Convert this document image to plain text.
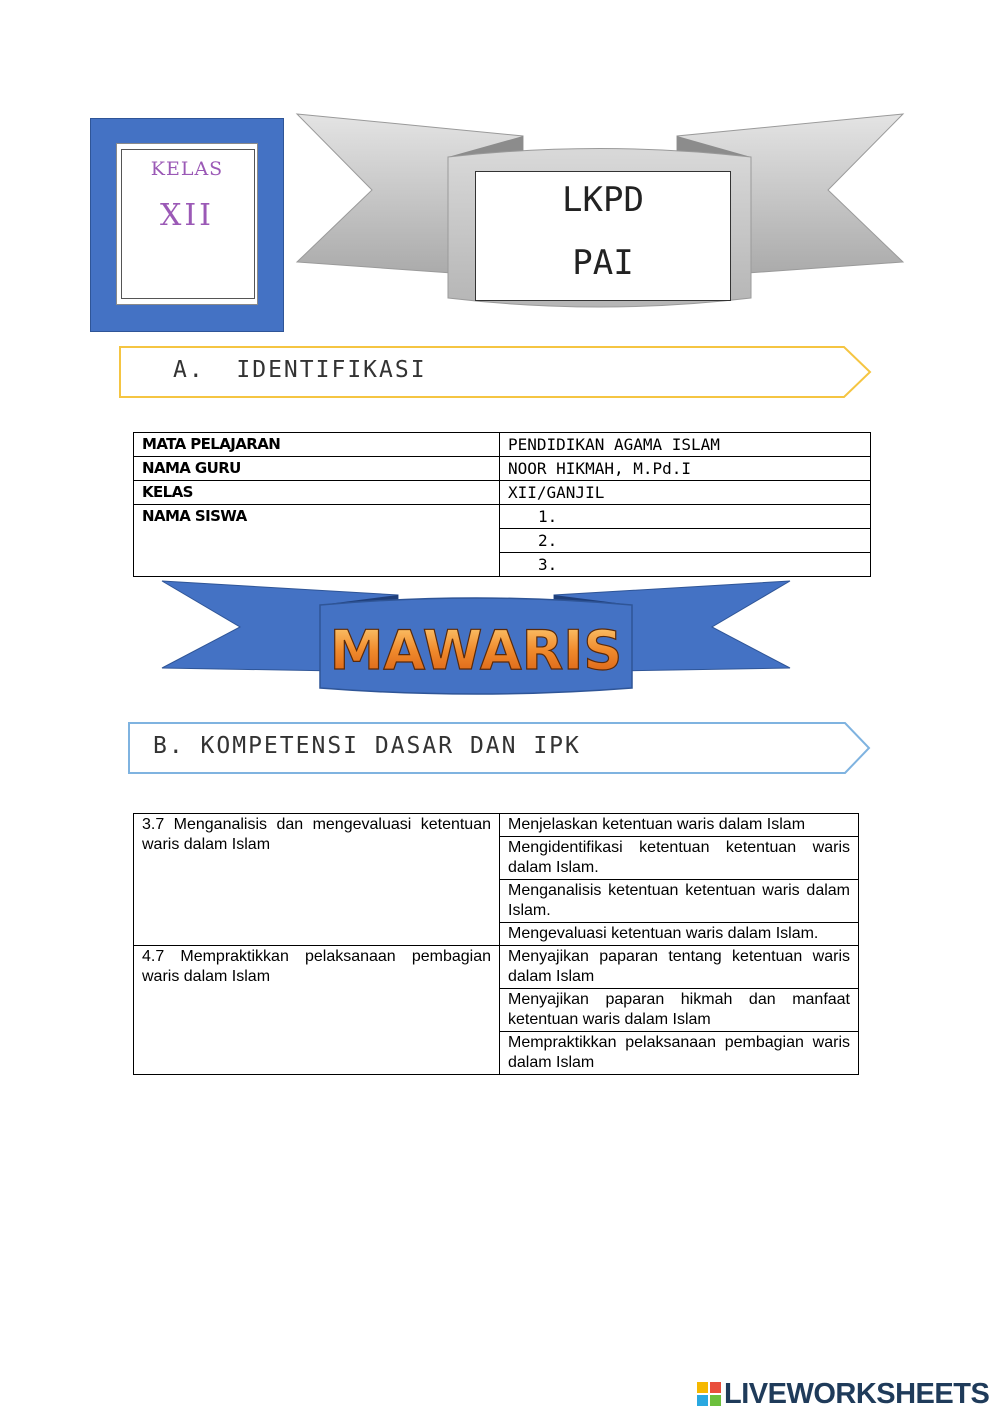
KELAS
XII	LKPD
PAI
A.  IDENTIFIKASI
MATA PELAJARAN	PENDIDIKAN AGAMA ISLAM
NAMA GURU	NOOR HIKMAH, M.Pd.I
KELAS	XII/GANJIL
NAMA SISWA	1.
	2.
	3.
MAWARIS
B. KOMPETENSI DASAR DAN IPK
3.7 Menganalisis dan mengevaluasi ketentuan waris dalam Islam	Menjelaskan ketentuan waris dalam Islam
	Mengidentifikasi ketentuan ketentuan waris dalam Islam.
	Menganalisis ketentuan ketentuan waris dalam Islam.
	Mengevaluasi ketentuan waris dalam Islam.
4.7 Mempraktikkan pelaksanaan pembagian waris dalam Islam	Menyajikan paparan tentang ketentuan waris dalam Islam
	Menyajikan paparan hikmah dan manfaat ketentuan waris dalam Islam
	Mempraktikkan pelaksanaan pembagian waris dalam Islam
LIVEWORKSHEETS
